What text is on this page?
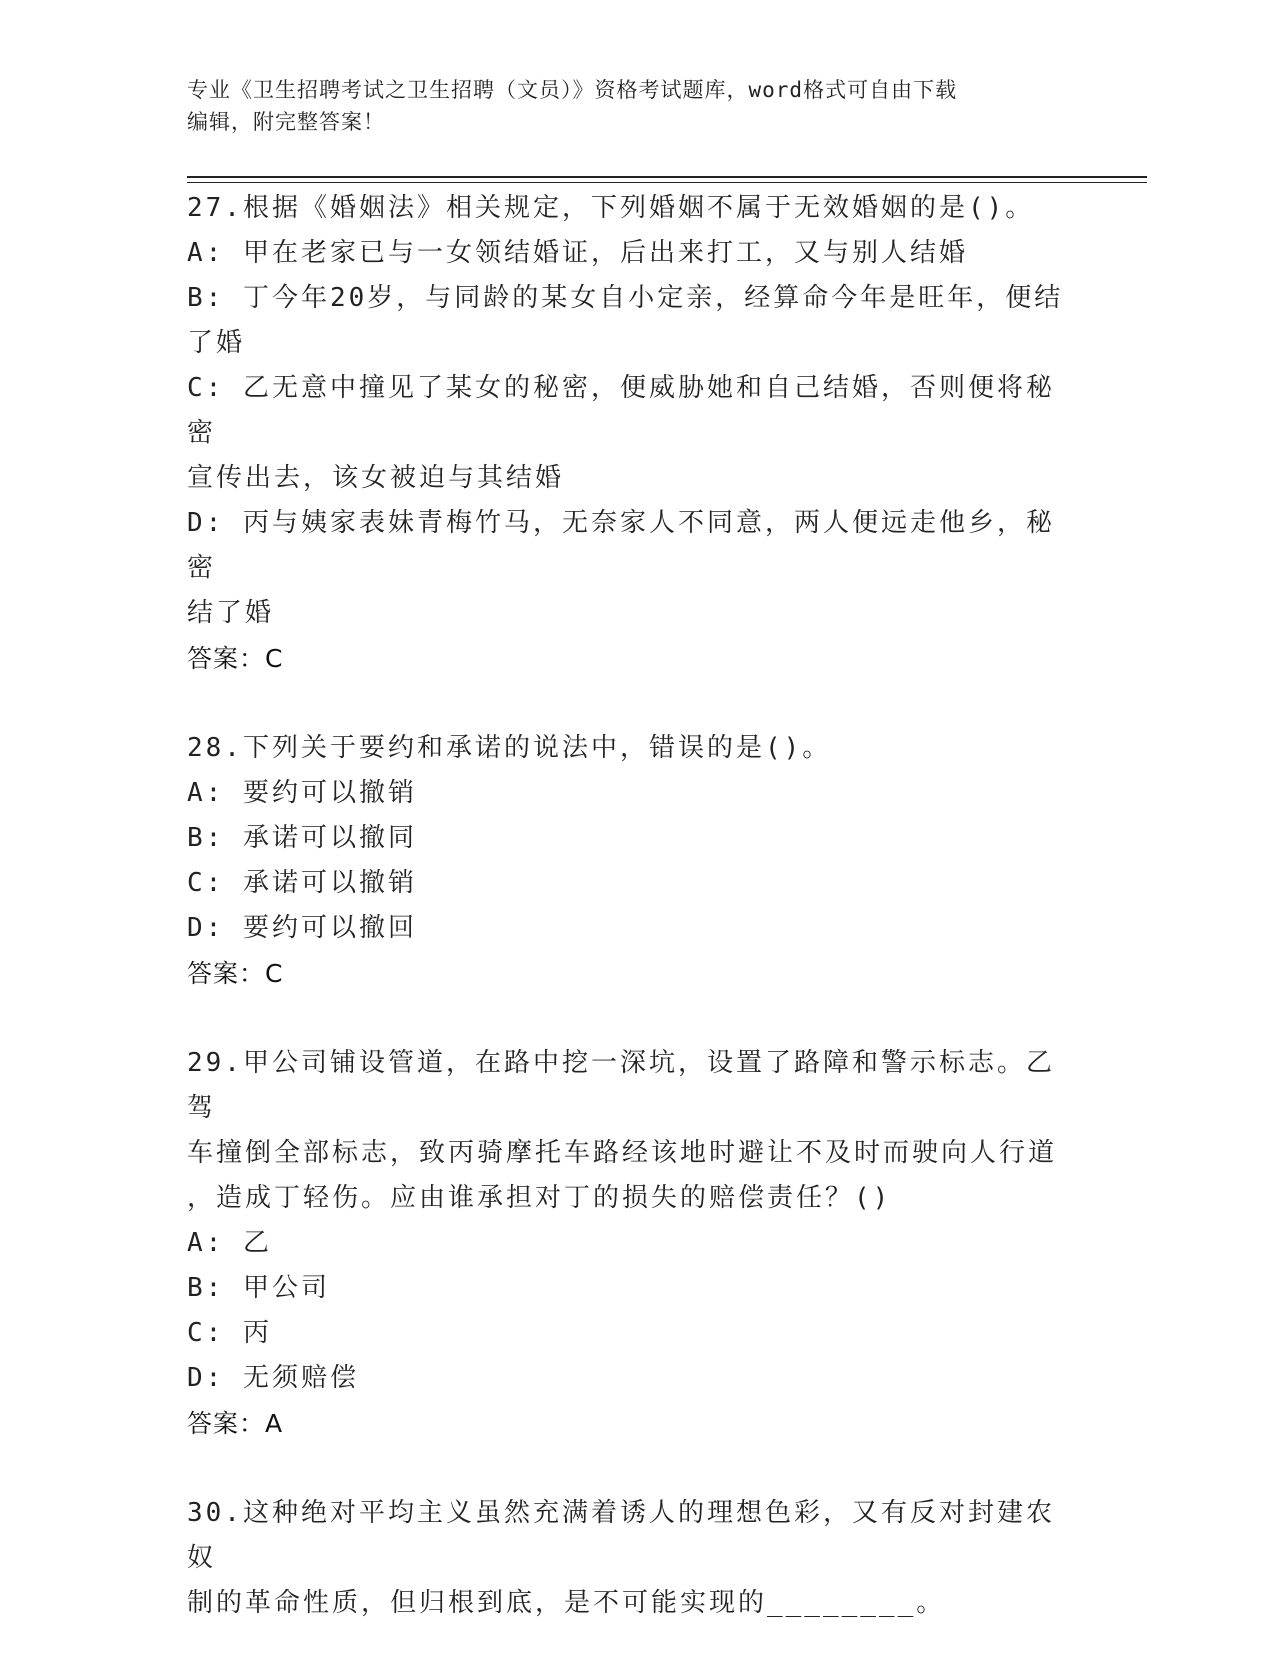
专业《卫生招聘考试之卫生招聘（文员）》资格考试题库，word格式可自由下载
编辑，附完整答案！
27.根据《婚姻法》相关规定，下列婚姻不属于无效婚姻的是()。
A: 甲在老家已与一女领结婚证，后出来打工，又与别人结婚
B: 丁今年20岁，与同龄的某女自小定亲，经算命今年是旺年，便结
了婚
C: 乙无意中撞见了某女的秘密，便威胁她和自己结婚，否则便将秘密
宣传出去，该女被迫与其结婚
D: 丙与姨家表妹青梅竹马，无奈家人不同意，两人便远走他乡，秘密
结了婚
答案：C
28.下列关于要约和承诺的说法中，错误的是()。
A: 要约可以撤销
B: 承诺可以撤同
C: 承诺可以撤销
D: 要约可以撤回
答案：C
29.甲公司铺设管道，在路中挖一深坑，设置了路障和警示标志。乙驾
车撞倒全部标志，致丙骑摩托车路经该地时避让不及时而驶向人行道
，造成丁轻伤。应由谁承担对丁的损失的赔偿责任？()
A: 乙
B: 甲公司
C: 丙
D: 无须赔偿
答案：A
30.这种绝对平均主义虽然充满着诱人的理想色彩，又有反对封建农奴
制的革命性质，但归根到底，是不可能实现的________。
